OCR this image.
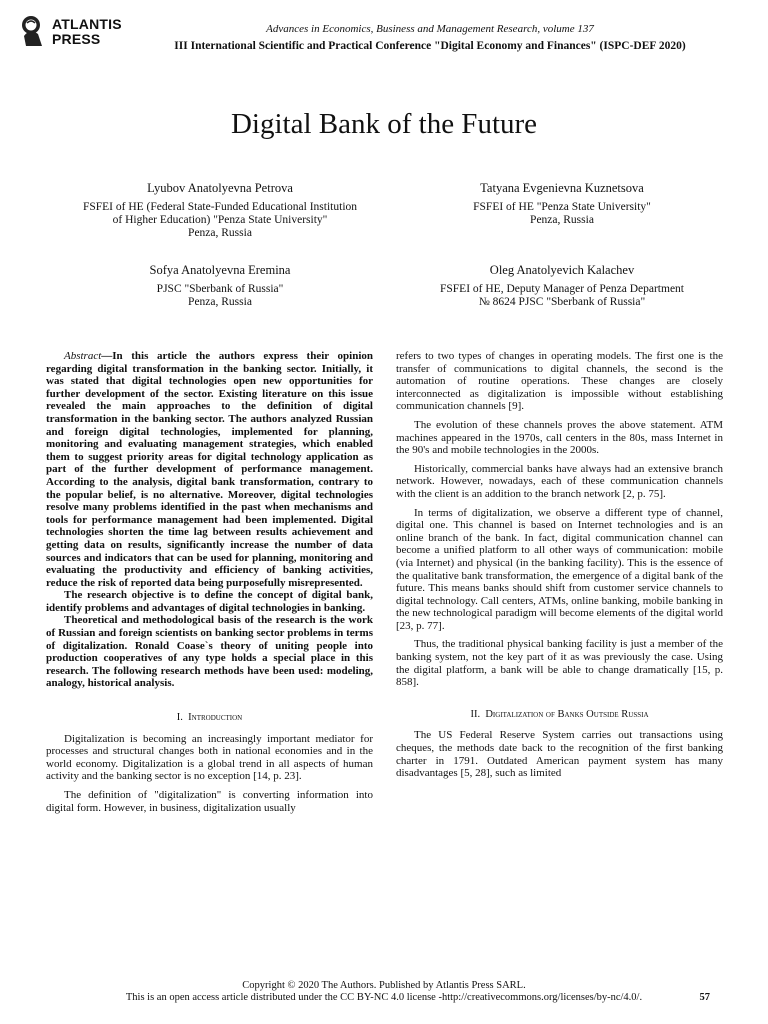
ATLANTIS
PRESS
Advances in Economics, Business and Management Research, volume 137
III International Scientific and Practical Conference "Digital Economy and Finances" (ISPC-DEF 2020)
Digital Bank of the Future
Lyubov Anatolyevna Petrova
FSFEI of HE (Federal State-Funded Educational Institution
of Higher Education) "Penza State University"
Penza, Russia
Tatyana Evgenievna Kuznetsova
FSFEI of HE "Penza State University"
Penza, Russia
Sofya Anatolyevna Eremina
PJSC "Sberbank of Russia"
Penza, Russia
Oleg Anatolyevich Kalachev
FSFEI of HE, Deputy Manager of Penza Department
№ 8624 PJSC "Sberbank of Russia"

Abstract—In this article the authors express their opinion regarding digital transformation in the banking sector. Initially, it was stated that digital technologies open new opportunities for further development of the sector. Existing literature on this issue revealed the main approaches to the definition of digital transformation in the banking sector. The authors analyzed Russian and foreign digital technologies, implemented for planning, monitoring and evaluating management strategies, which enabled them to suggest priority areas for digital technology application as part of the further development of performance management. According to the analysis, digital bank transformation, contrary to the popular belief, is no alternative. Moreover, digital technologies resolve many problems identified in the past when mechanisms and tools for performance management had been implemented. Digital technologies shorten the time lag between results achievement and getting data on results, significantly increase the number of data sources and indicators that can be used for planning, monitoring and evaluating the productivity and efficiency of banking activities, reduce the risk of reported data being purposefully misrepresented.

The research objective is to define the concept of digital bank, identify problems and advantages of digital technologies in banking.

Theoretical and methodological basis of the research is the work of Russian and foreign scientists on banking sector problems in terms of digitalization. Ronald Coase`s theory of uniting people into production cooperatives of any type holds a special place in this research. The following research methods have been used: modeling, analogy, historical analysis.

I. Introduction

Digitalization is becoming an increasingly important mediator for processes and structural changes both in national economies and in the world economy. Digitalization is a global trend in all aspects of human activity and the banking sector is no exception [14, p. 23].

The definition of "digitalization" is converting information into digital form. However, in business, digitalization usually

refers to two types of changes in operating models. The first one is the transfer of communications to digital channels, the second is the automation of routine operations. These changes are closely interconnected as digitalization is impossible without establishing communication channels [9].

The evolution of these channels proves the above statement. ATM machines appeared in the 1970s, call centers in the 80s, mass Internet in the 90's and mobile technologies in the 2000s.

Historically, commercial banks have always had an extensive branch network. However, nowadays, each of these communication channels with the client is an addition to the branch network [2, p. 75].

In terms of digitalization, we observe a different type of channel, digital one. This channel is based on Internet technologies and is an online branch of the bank. In fact, digital communication channel can become a unified platform to all other ways of communication: mobile (via Internet) and physical (in the banking facility). This is the essence of the qualitative bank transformation, the emergence of a digital bank of the future. This means banks should shift from customer service channels to digital technology. Call centers, ATMs, online banking, mobile banking in the new technological paradigm will become elements of the digital world [23, p. 77].

Thus, the traditional physical banking facility is just a member of the banking system, not the key part of it as was previously the case. Using the digital platform, a bank will be able to change dramatically [15, p. 858].

II. Digitalization of Banks Outside Russia

The US Federal Reserve System carries out transactions using cheques, the methods date back to the recognition of the first banking charter in 1791. Outdated American payment system has many disadvantages [5, 28], such as limited

Copyright © 2020 The Authors. Published by Atlantis Press SARL.
This is an open access article distributed under the CC BY-NC 4.0 license -http://creativecommons.org/licenses/by-nc/4.0/.	57
